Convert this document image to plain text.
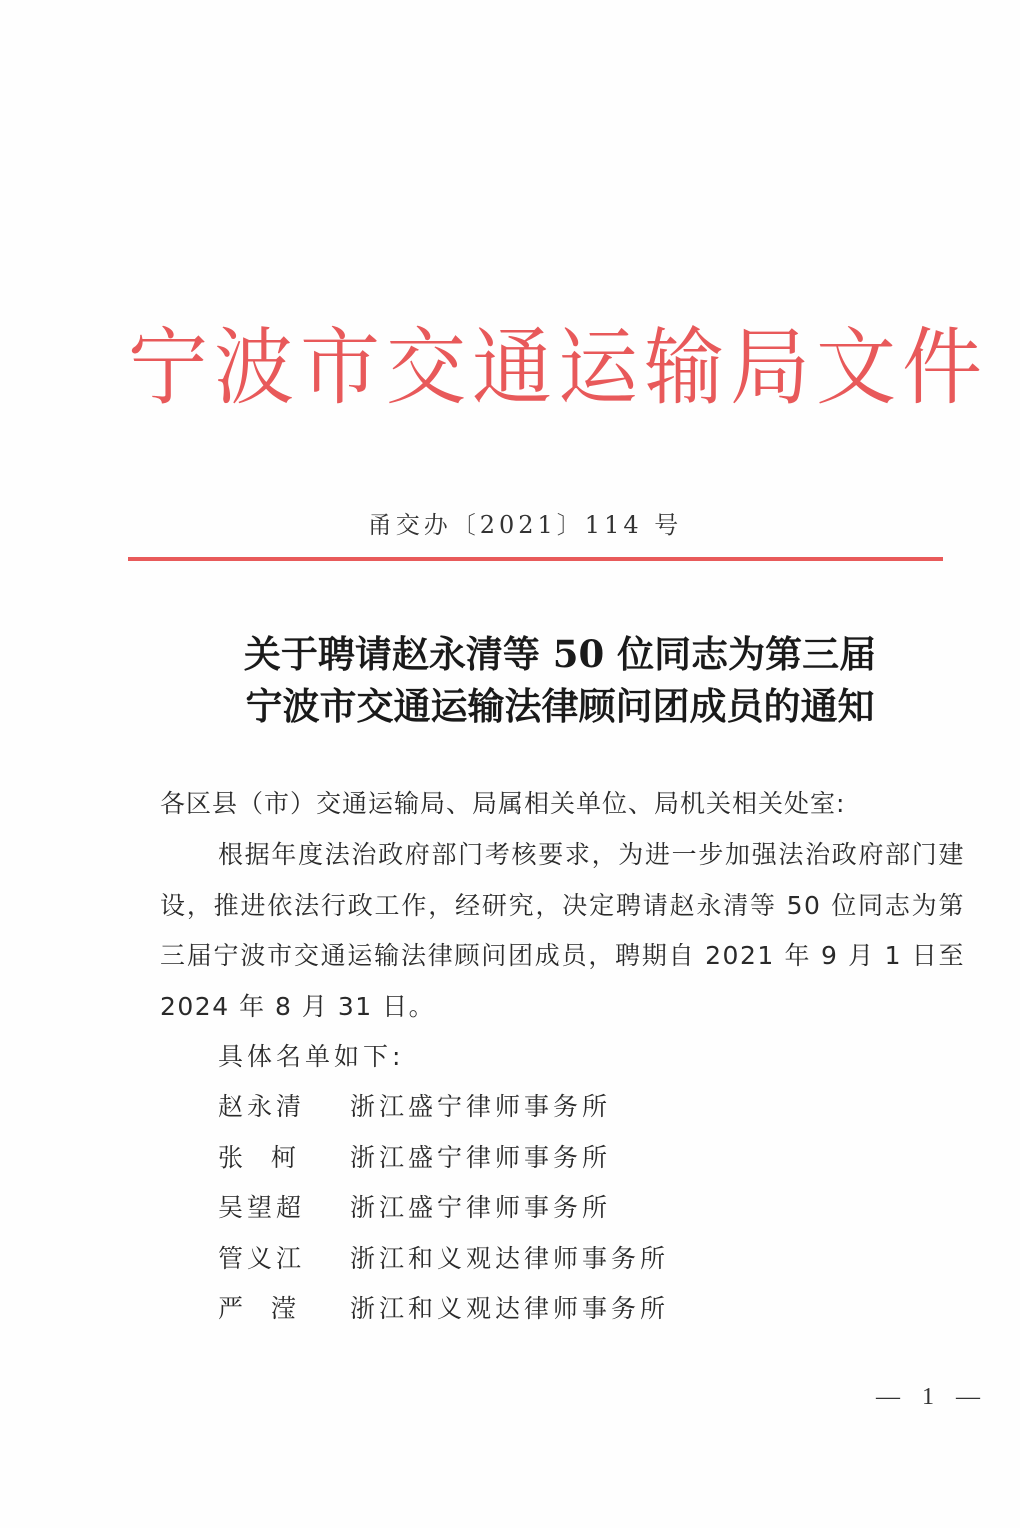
宁波市交通运输局文件
甬交办〔2021〕114 号
关于聘请赵永清等 50 位同志为第三届
宁波市交通运输法律顾问团成员的通知
各区县（市）交通运输局、局属相关单位、局机关相关处室:

根据年度法治政府部门考核要求，为进一步加强法治政府部门建设，推进依法行政工作，经研究，决定聘请赵永清等 50 位同志为第三届宁波市交通运输法律顾问团成员，聘期自 2021 年 9 月 1 日至 2024 年 8 月 31 日。

具体名单如下:
赵永清	浙江盛宁律师事务所
张  柯	浙江盛宁律师事务所
吴望超	浙江盛宁律师事务所
管义江	浙江和义观达律师事务所
严  滢	浙江和义观达律师事务所
— 1 —
